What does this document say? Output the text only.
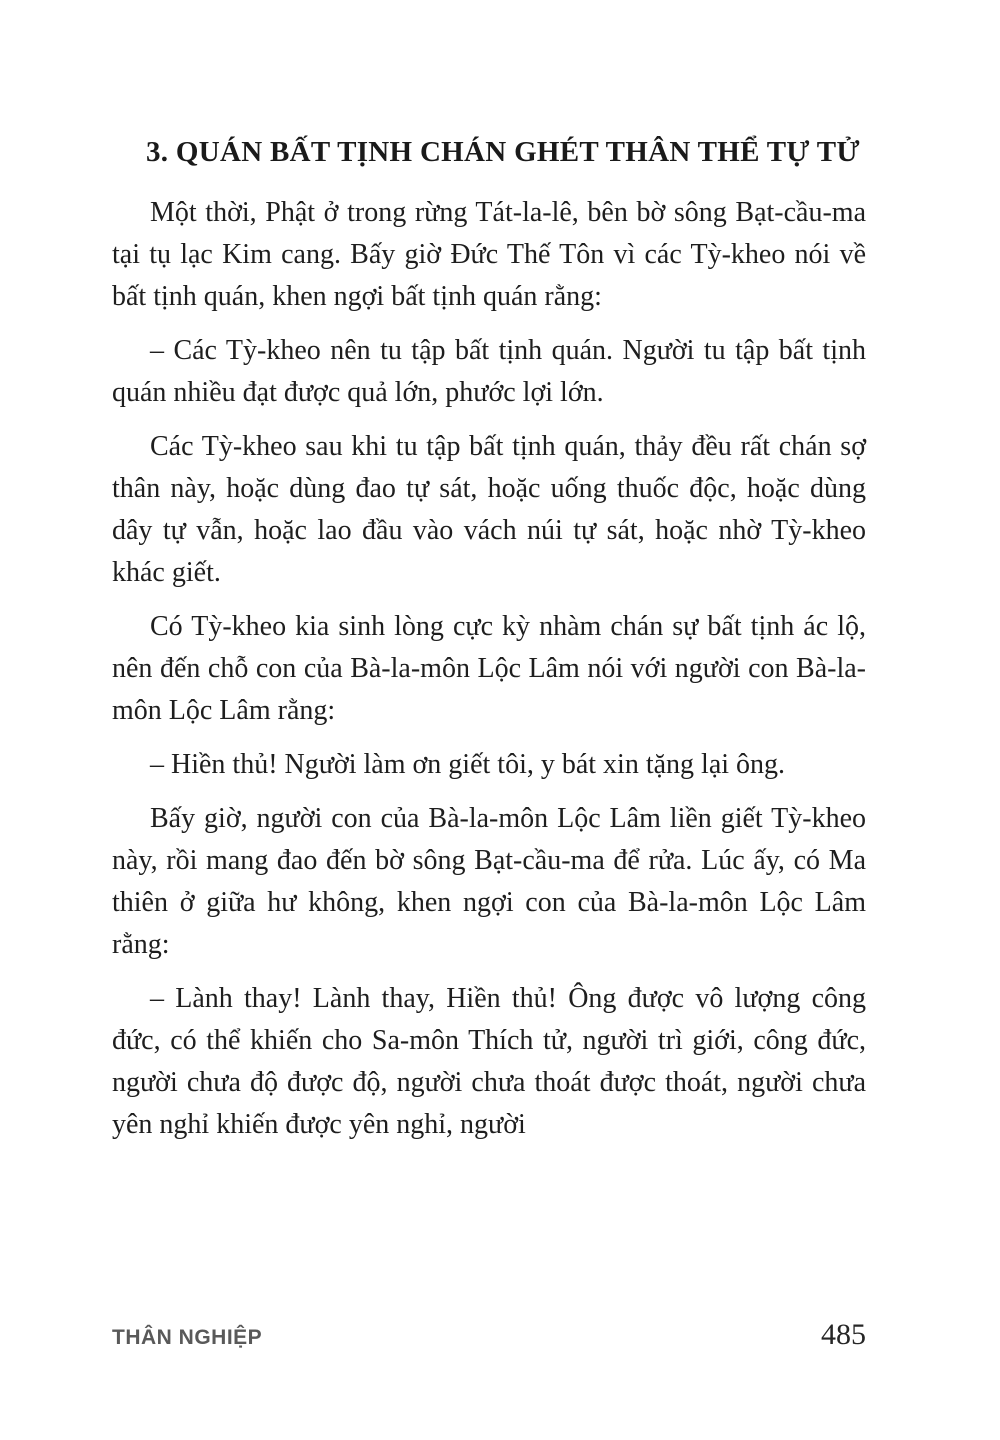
3. QUÁN BẤT TỊNH CHÁN GHÉT THÂN THỂ TỰ TỬ

Một thời, Phật ở trong rừng Tát-la-lê, bên bờ sông Bạt-cầu-ma tại tụ lạc Kim cang. Bấy giờ Đức Thế Tôn vì các Tỳ-kheo nói về bất tịnh quán, khen ngợi bất tịnh quán rằng:

– Các Tỳ-kheo nên tu tập bất tịnh quán. Người tu tập bất tịnh quán nhiều đạt được quả lớn, phước lợi lớn.

Các Tỳ-kheo sau khi tu tập bất tịnh quán, thảy đều rất chán sợ thân này, hoặc dùng đao tự sát, hoặc uống thuốc độc, hoặc dùng dây tự vẫn, hoặc lao đầu vào vách núi tự sát, hoặc nhờ Tỳ-kheo khác giết.

Có Tỳ-kheo kia sinh lòng cực kỳ nhàm chán sự bất tịnh ác lộ, nên đến chỗ con của Bà-la-môn Lộc Lâm nói với người con Bà-la-môn Lộc Lâm rằng:

– Hiền thủ! Người làm ơn giết tôi, y bát xin tặng lại ông.

Bấy giờ, người con của Bà-la-môn Lộc Lâm liền giết Tỳ-kheo này, rồi mang đao đến bờ sông Bạt-cầu-ma để rửa. Lúc ấy, có Ma thiên ở giữa hư không, khen ngợi con của Bà-la-môn Lộc Lâm rằng:

– Lành thay! Lành thay, Hiền thủ! Ông được vô lượng công đức, có thể khiến cho Sa-môn Thích tử, người trì giới, công đức, người chưa độ được độ, người chưa thoát được thoát, người chưa yên nghỉ khiến được yên nghỉ, người

THÂN NGHIỆP	485
